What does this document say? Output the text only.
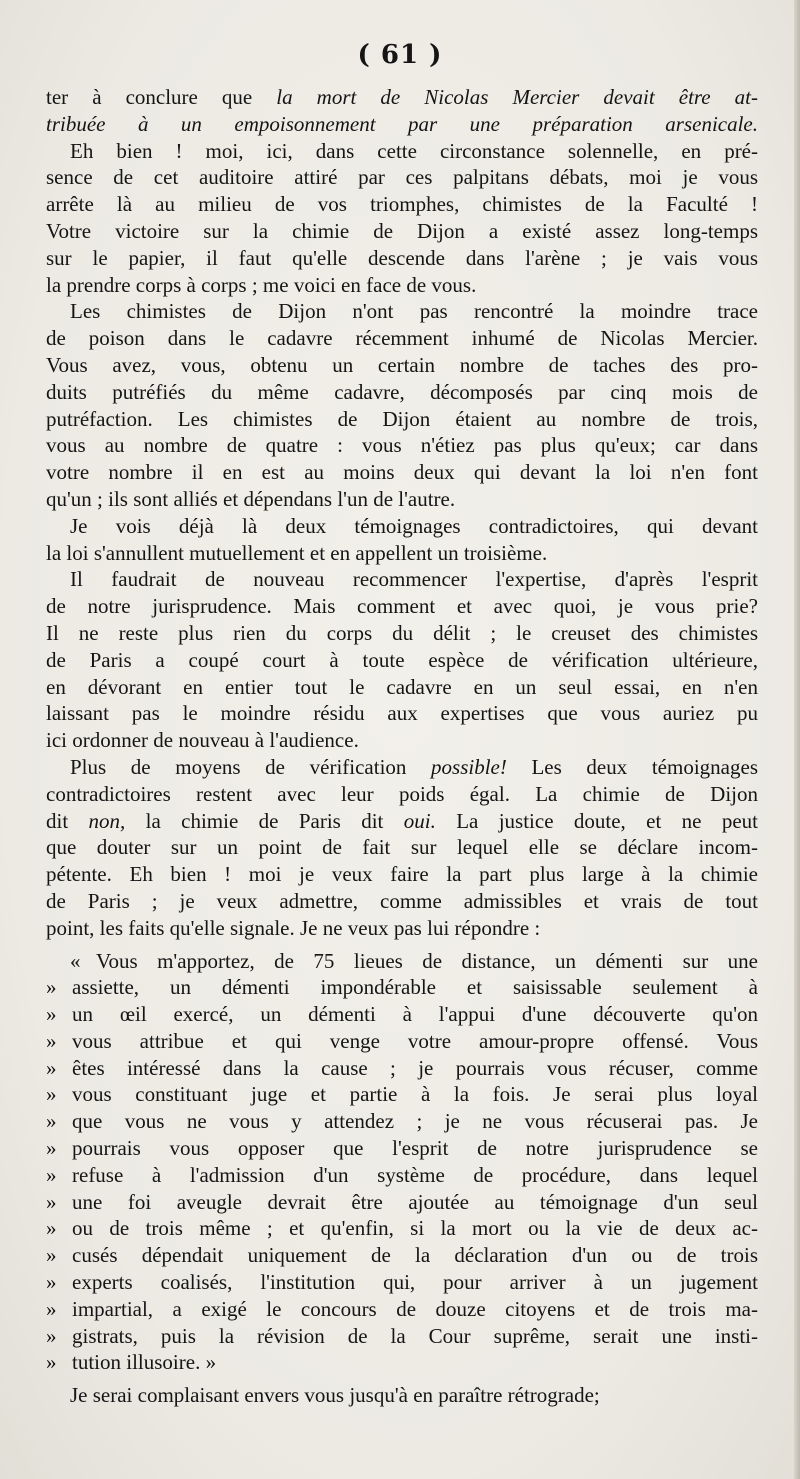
( 61 )
ter à conclure que la mort de Nicolas Mercier devait être at-
tribuée à un empoisonnement par une préparation arsenicale.
Eh bien ! moi, ici, dans cette circonstance solennelle, en pré-
sence de cet auditoire attiré par ces palpitans débats, moi je vous
arrête là au milieu de vos triomphes, chimistes de la Faculté !
Votre victoire sur la chimie de Dijon a existé assez long-temps
sur le papier, il faut qu'elle descende dans l'arène ; je vais vous
la prendre corps à corps ; me voici en face de vous.
Les chimistes de Dijon n'ont pas rencontré la moindre trace
de poison dans le cadavre récemment inhumé de Nicolas Mercier.
Vous avez, vous, obtenu un certain nombre de taches des pro-
duits putréfiés du même cadavre, décomposés par cinq mois de
putréfaction. Les chimistes de Dijon étaient au nombre de trois,
vous au nombre de quatre : vous n'étiez pas plus qu'eux; car dans
votre nombre il en est au moins deux qui devant la loi n'en font
qu'un ; ils sont alliés et dépendans l'un de l'autre.
Je vois déjà là deux témoignages contradictoires, qui devant
la loi s'annullent mutuellement et en appellent un troisième.
Il faudrait de nouveau recommencer l'expertise, d'après l'esprit
de notre jurisprudence. Mais comment et avec quoi, je vous prie?
Il ne reste plus rien du corps du délit ; le creuset des chimistes
de Paris a coupé court à toute espèce de vérification ultérieure,
en dévorant en entier tout le cadavre en un seul essai, en n'en
laissant pas le moindre résidu aux expertises que vous auriez pu
ici ordonner de nouveau à l'audience.
Plus de moyens de vérification possible! Les deux témoignages
contradictoires restent avec leur poids égal. La chimie de Dijon
dit non, la chimie de Paris dit oui. La justice doute, et ne peut
que douter sur un point de fait sur lequel elle se déclare incom-
pétente. Eh bien ! moi je veux faire la part plus large à la chimie
de Paris ; je veux admettre, comme admissibles et vrais de tout
point, les faits qu'elle signale. Je ne veux pas lui répondre :
« Vous m'apportez, de 75 lieues de distance, un démenti sur une
» assiette, un démenti impondérable et saisissable seulement à
» un œil exercé, un démenti à l'appui d'une découverte qu'on
» vous attribue et qui venge votre amour-propre offensé. Vous
» êtes intéressé dans la cause ; je pourrais vous récuser, comme
» vous constituant juge et partie à la fois. Je serai plus loyal
» que vous ne vous y attendez ; je ne vous récuserai pas. Je
» pourrais vous opposer que l'esprit de notre jurisprudence se
» refuse à l'admission d'un système de procédure, dans lequel
» une foi aveugle devrait être ajoutée au témoignage d'un seul
» ou de trois même ; et qu'enfin, si la mort ou la vie de deux ac-
» cusés dépendait uniquement de la déclaration d'un ou de trois
» experts coalisés, l'institution qui, pour arriver à un jugement
» impartial, a exigé le concours de douze citoyens et de trois ma-
» gistrats, puis la révision de la Cour suprême, serait une insti-
» tution illusoire. »
Je serai complaisant envers vous jusqu'à en paraître rétrograde;
